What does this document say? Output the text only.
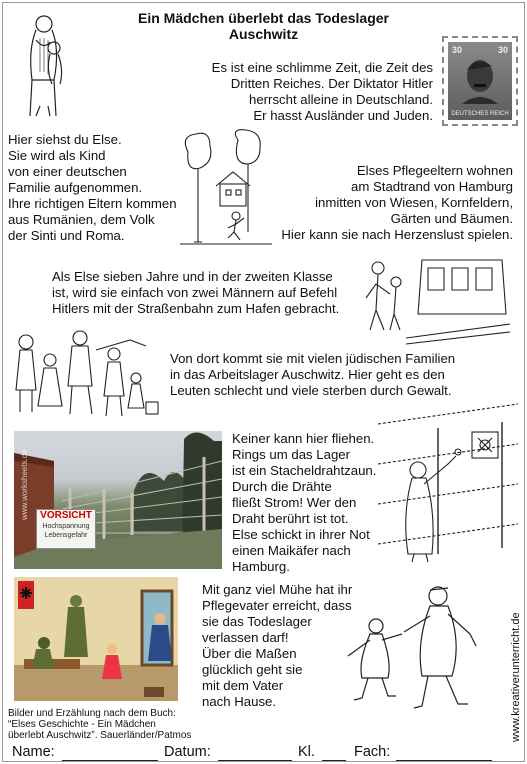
Ein Mädchen überlebt das Todeslager
Auschwitz
30	30
DEUTSCHES REICH
Es ist eine schlimme Zeit, die Zeit des
Dritten Reiches. Der Diktator Hitler
herrscht alleine in Deutschland.
Er hasst Ausländer und Juden.
Hier siehst du Else.
Sie wird als Kind
von einer deutschen
Familie aufgenommen.
Ihre richtigen Eltern kommen
aus Rumänien, dem Volk
der Sinti und Roma.
Elses Pflegeeltern wohnen
am Stadtrand von Hamburg
inmitten von Wiesen, Kornfeldern,
Gärten und Bäumen.
Hier kann sie nach Herzenslust spielen.
Als Else sieben Jahre und in der zweiten Klasse
ist, wird sie einfach von zwei Männern auf Befehl
Hitlers mit der Straßenbahn zum Hafen gebracht.
Von dort kommt sie mit vielen jüdischen Familien
in das Arbeitslager Auschwitz. Hier geht es den
Leuten schlecht und viele sterben durch Gewalt.
VORSICHT
Hochspannung
Lebensgefahr
www.worksheets.de
Keiner kann hier fliehen.
Rings um das Lager
ist ein Stacheldrahtzaun.
Durch die Drähte
fließt Strom! Wer den
Draht berührt ist tot.
Else schickt in ihrer Not
einen Maikäfer nach
Hamburg.
Mit ganz viel Mühe hat ihr
Pflegevater erreicht, dass
sie das Todeslager
verlassen darf!
Über die Maßen
glücklich geht sie
mit dem Vater
nach Hause.
Bilder und Erzählung nach dem Buch:
“Elses Geschichte - Ein Mädchen
überlebt Auschwitz”. Sauerländer/Patmos	www.kreativerunterricht.de
Name:	Datum:	Kl.	Fach:
